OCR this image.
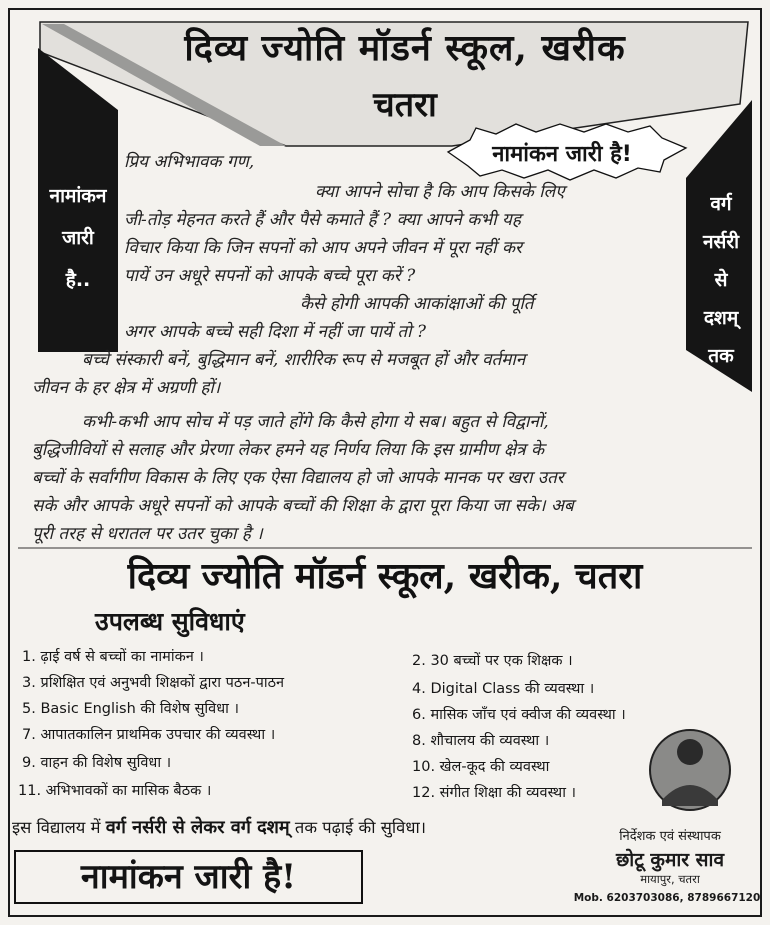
दिव्य ज्योति मॉडर्न स्कूल, खरीक
चतरा
नामांकन जारी है!
नामांकन
जारी
है..
वर्ग
नर्सरी
से
दशम्
तक
प्रिय अभिभावक गण,
क्या आपने सोचा है कि आप किसके लिए
जी-तोड़ मेहनत करते हैं और पैसे कमाते हैं ? क्या आपने कभी यह
विचार किया कि जिन सपनों को आप अपने जीवन में पूरा नहीं कर
पायें उन अधूरे सपनों को आपके बच्चे पूरा करें ?
कैसे होगी आपकी आकांक्षाओं की पूर्ति
अगर आपके बच्चे सही दिशा में नहीं जा पायें तो ?
बच्चे संस्कारी बनें, बुद्धिमान बनें, शारीरिक रूप से मजबूत हों और वर्तमान
जीवन के हर क्षेत्र में अग्रणी हों।
कभी-कभी आप सोच में पड़ जाते होंगे कि कैसे होगा ये सब। बहुत से विद्वानों,
बुद्धिजीवियों से सलाह और प्रेरणा लेकर हमने यह निर्णय लिया कि इस ग्रामीण क्षेत्र के
बच्चों के सर्वांगीण विकास के लिए एक ऐसा विद्यालय हो जो आपके मानक पर खरा उतर
सके और आपके अधूरे सपनों को आपके बच्चों की शिक्षा के द्वारा पूरा किया जा सके। अब
पूरी तरह से धरातल पर उतर चुका है ।
दिव्य ज्योति मॉडर्न स्कूल, खरीक, चतरा
उपलब्ध सुविधाएं
1. ढ़ाई वर्ष से बच्चों का नामांकन ।
3. प्रशिक्षित एवं अनुभवी शिक्षकों द्वारा पठन-पाठन
5. Basic English की विशेष सुविधा ।
7. आपातकालिन प्राथमिक उपचार की व्यवस्था ।
9. वाहन की विशेष सुविधा ।
11. अभिभावकों का मासिक बैठक ।
2. 30 बच्चों पर एक शिक्षक ।
4. Digital Class की व्यवस्था ।
6. मासिक जाँच एवं क्वीज की व्यवस्था ।
8. शौचालय की व्यवस्था ।
10. खेल-कूद की व्यवस्था
12. संगीत शिक्षा की व्यवस्था ।
इस विद्यालय में वर्ग नर्सरी से लेकर वर्ग दशम् तक पढ़ाई की सुविधा।
नामांकन जारी है!
निर्देशक एवं संस्थापक
छोटू कुमार साव
मायापुर, चतरा
Mob. 6203703086, 8789667120
